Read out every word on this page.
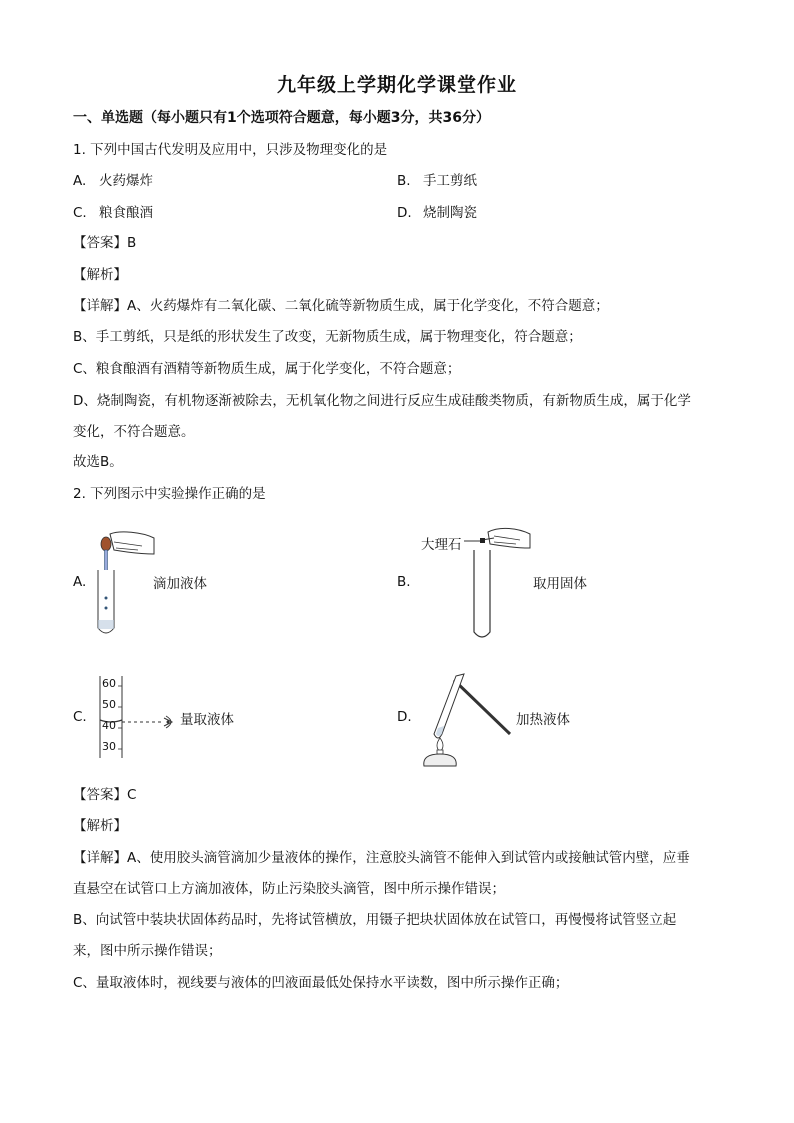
九年级上学期化学课堂作业
一、单选题（每小题只有1个选项符合题意，每小题3分，共36分）
1. 下列中国古代发明及应用中，只涉及物理变化的是
A. 火药爆炸	B. 手工剪纸
C. 粮食酿酒	D. 烧制陶瓷
【答案】B
【解析】
【详解】A、火药爆炸有二氧化碳、二氧化硫等新物质生成，属于化学变化，不符合题意；
B、手工剪纸，只是纸的形状发生了改变，无新物质生成，属于物理变化，符合题意；
C、粮食酿酒有酒精等新物质生成，属于化学变化，不符合题意；
D、烧制陶瓷，有机物逐渐被除去，无机氧化物之间进行反应生成硅酸类物质，有新物质生成，属于化学
变化，不符合题意。
故选B。
2. 下列图示中实验操作正确的是
A.	滴加液体	B.
大理石
取用固体
C.
60
50
40
30
量取液体	D.	加热液体
【答案】C
【解析】
【详解】A、使用胶头滴管滴加少量液体的操作，注意胶头滴管不能伸入到试管内或接触试管内壁，应垂
直悬空在试管口上方滴加液体，防止污染胶头滴管，图中所示操作错误；
B、向试管中装块状固体药品时，先将试管横放，用镊子把块状固体放在试管口，再慢慢将试管竖立起
来，图中所示操作错误；
C、量取液体时，视线要与液体的凹液面最低处保持水平读数，图中所示操作正确；
